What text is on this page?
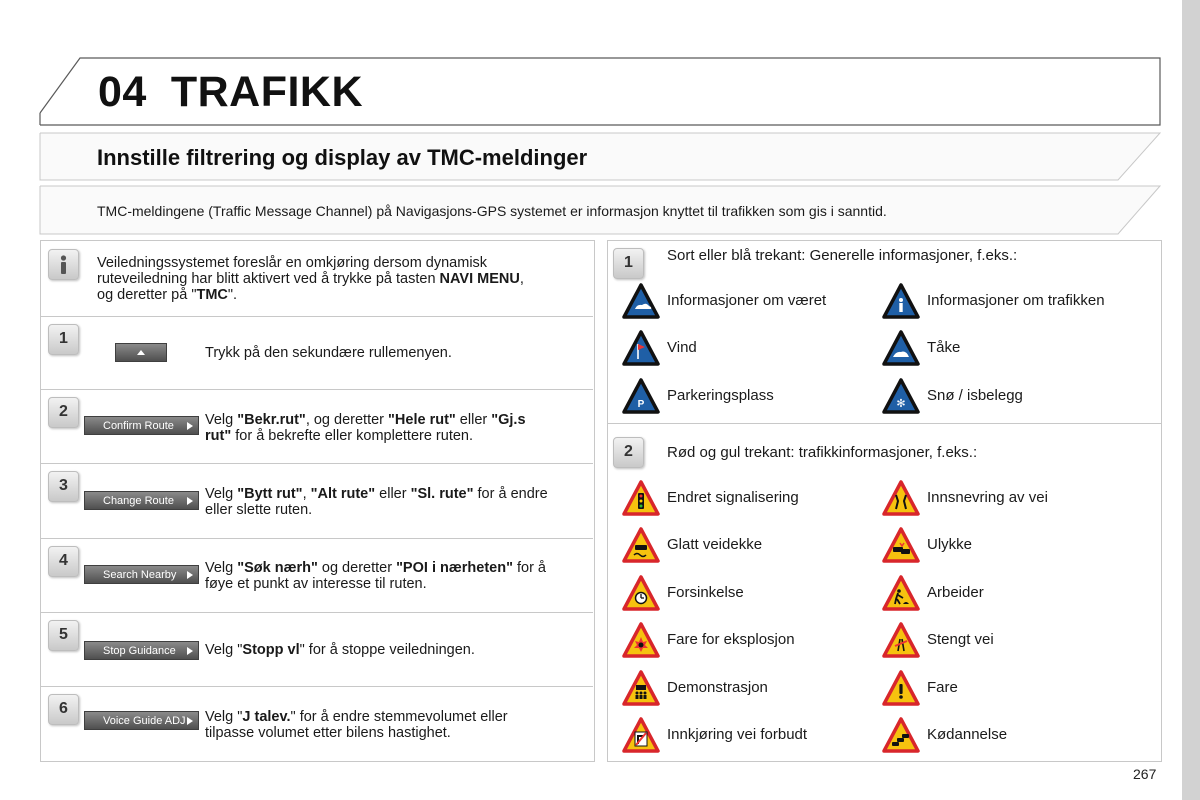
04 TRAFIKK
Innstille filtrering og display av TMC-meldinger
TMC-meldingene (Traffic Message Channel) på Navigasjons-GPS systemet er informasjon knyttet til trafikken som gis i sanntid.
Veiledningssystemet foreslår en omkjøring dersom dynamisk
ruteveiledning har blitt aktivert ved å trykke på tasten NAVI MENU,
og deretter på "TMC".
1
Trykk på den sekundære rullemenyen.
2
Confirm Route	Velg "Bekr.rut", og deretter "Hele rut" eller "Gj.s
rut" for å bekrefte eller komplettere ruten.
3
Change Route	Velg "Bytt rut", "Alt rute" eller "Sl. rute" for å endre
eller slette ruten.
4
Search Nearby	Velg "Søk nærh" og deretter "POI i nærheten" for å
føye et punkt av interesse til ruten.
5
Stop Guidance	Velg "Stopp vl" for å stoppe veiledningen.
6
Voice Guide ADJ	Velg "J talev." for å endre stemmevolumet eller
tilpasse volumet etter bilens hastighet.
1	Sort eller blå trekant: Generelle informasjoner, f.eks.:
Informasjoner om været	Informasjoner om trafikken
Vind	Tåke
P
Parkeringsplass	✻ Snø / isbelegg
2	Rød og gul trekant: trafikkinformasjoner, f.eks.:
Endret signalisering	Innsnevring av vei
Glatt veidekke	Ulykke
Forsinkelse	Arbeider
Fare for eksplosjon	Stengt vei
Demonstrasjon	Fare
Innkjøring vei forbudt	Kødannelse
267
